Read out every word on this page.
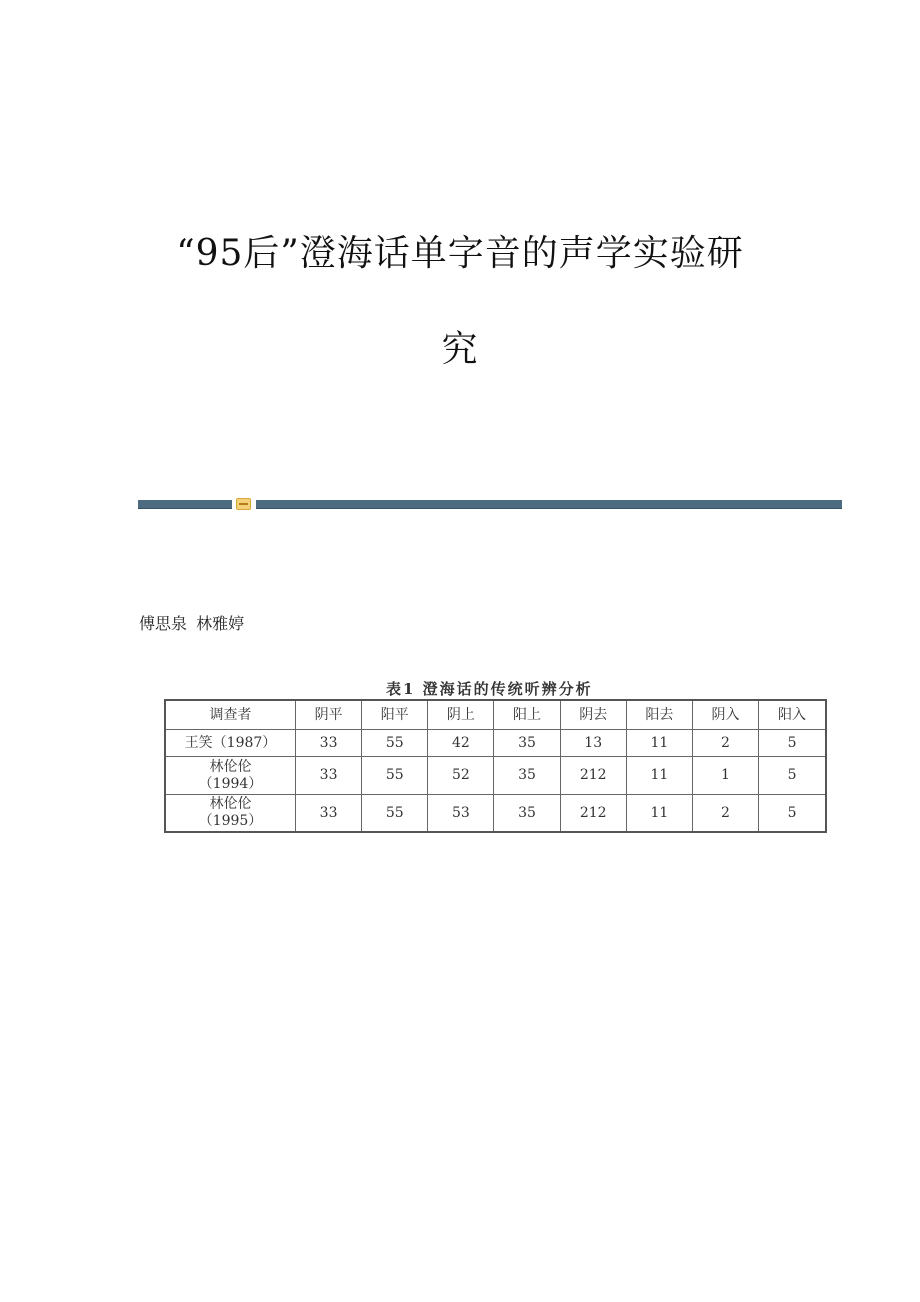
“95后”澄海话单字音的声学实验研
究
傅思泉 林雅婷
表1 澄海话的传统听辨分析
调查者	阴平	阳平	阴上	阳上	阴去	阳去	阴入	阳入

王笑（1987）	33	55	42	35	13	11	2	5

林伦伦
（1994）	33	55	52	35	212	11	1	5

林伦伦
（1995）	33	55	53	35	212	11	2	5
